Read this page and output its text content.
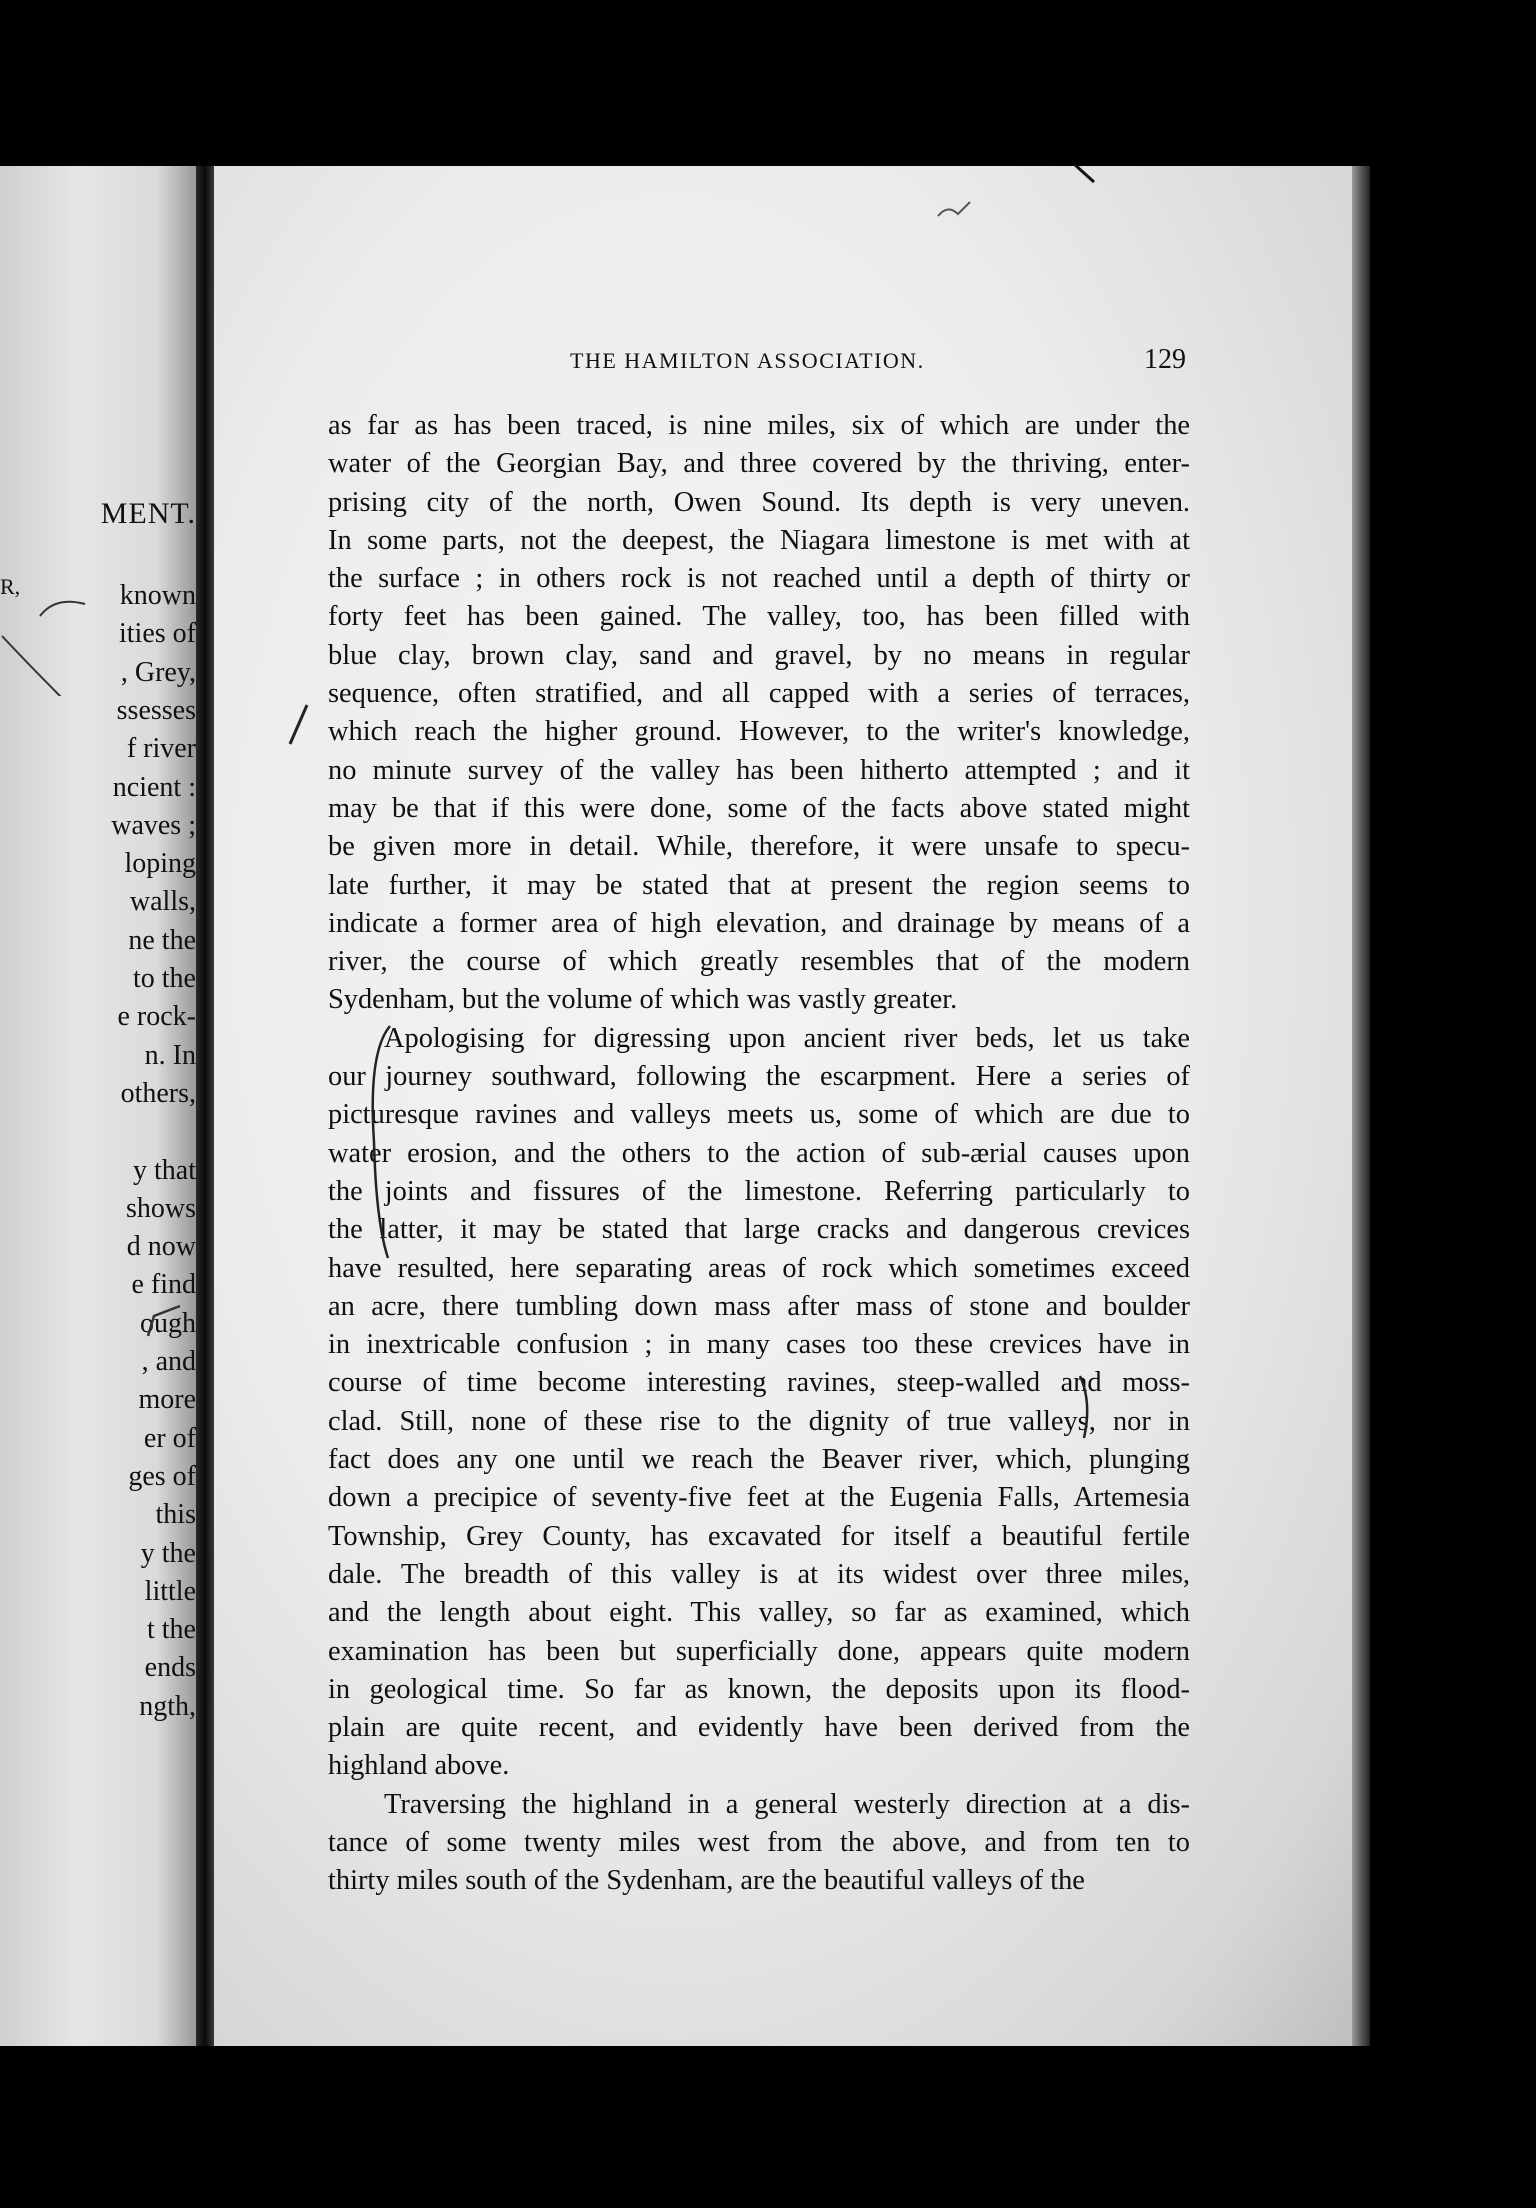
MENT.
R,	known
ities of
, Grey,
ssesses
f river
ncient :
waves ;
loping
walls,
ne the
to the
e rock-
n. In
others,
y that
shows
d now
e find
ough
, and
more
er of
ges of
this
y the
little
t the
ends
ngth,
THE HAMILTON ASSOCIATION.	129
as far as has been traced, is nine miles, six of which are under the
water of the Georgian Bay, and three covered by the thriving, enter-
prising city of the north, Owen Sound. Its depth is very uneven.
In some parts, not the deepest, the Niagara limestone is met with at
the surface ; in others rock is not reached until a depth of thirty or
forty feet has been gained. The valley, too, has been filled with
blue clay, brown clay, sand and gravel, by no means in regular
sequence, often stratified, and all capped with a series of terraces,
which reach the higher ground. However, to the writer's knowledge,
no minute survey of the valley has been hitherto attempted ; and it
may be that if this were done, some of the facts above stated might
be given more in detail. While, therefore, it were unsafe to specu-
late further, it may be stated that at present the region seems to
indicate a former area of high elevation, and drainage by means of a
river, the course of which greatly resembles that of the modern
Sydenham, but the volume of which was vastly greater.
Apologising for digressing upon ancient river beds, let us take
our journey southward, following the escarpment. Here a series of
picturesque ravines and valleys meets us, some of which are due to
water erosion, and the others to the action of sub-ærial causes upon
the joints and fissures of the limestone. Referring particularly to
the latter, it may be stated that large cracks and dangerous crevices
have resulted, here separating areas of rock which sometimes exceed
an acre, there tumbling down mass after mass of stone and boulder
in inextricable confusion ; in many cases too these crevices have in
course of time become interesting ravines, steep-walled and moss-
clad. Still, none of these rise to the dignity of true valleys, nor in
fact does any one until we reach the Beaver river, which, plunging
down a precipice of seventy-five feet at the Eugenia Falls, Artemesia
Township, Grey County, has excavated for itself a beautiful fertile
dale. The breadth of this valley is at its widest over three miles,
and the length about eight. This valley, so far as examined, which
examination has been but superficially done, appears quite modern
in geological time. So far as known, the deposits upon its flood-
plain are quite recent, and evidently have been derived from the
highland above.
Traversing the highland in a general westerly direction at a dis-
tance of some twenty miles west from the above, and from ten to
thirty miles south of the Sydenham, are the beautiful valleys of the
